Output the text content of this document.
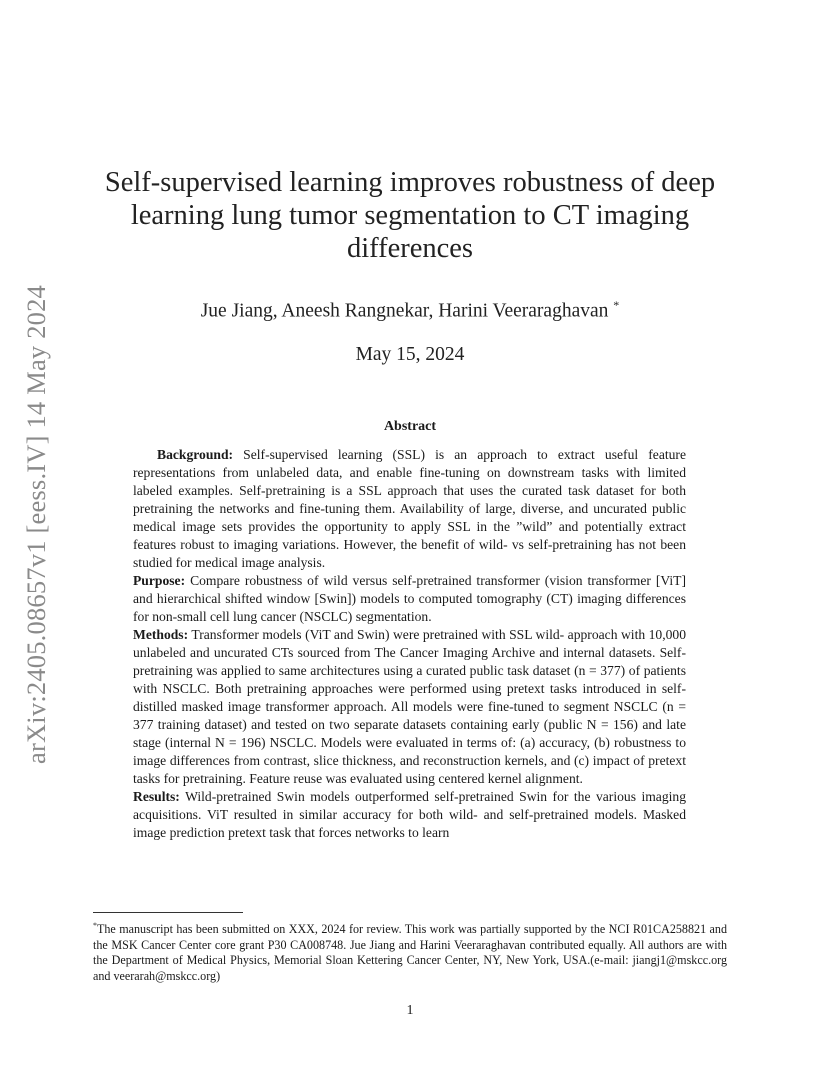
arXiv:2405.08657v1 [eess.IV] 14 May 2024
Self-supervised learning improves robustness of deep learning lung tumor segmentation to CT imaging differences
Jue Jiang, Aneesh Rangnekar, Harini Veeraraghavan *
May 15, 2024
Abstract

Background: Self-supervised learning (SSL) is an approach to extract useful feature representations from unlabeled data, and enable fine-tuning on downstream tasks with limited labeled examples. Self-pretraining is a SSL approach that uses the curated task dataset for both pretraining the networks and fine-tuning them. Availability of large, diverse, and uncurated public medical image sets provides the opportunity to apply SSL in the ”wild” and potentially extract features robust to imaging variations. However, the benefit of wild- vs self-pretraining has not been studied for medical image analysis.

Purpose: Compare robustness of wild versus self-pretrained transformer (vision transformer [ViT] and hierarchical shifted window [Swin]) models to computed tomography (CT) imaging differences for non-small cell lung cancer (NSCLC) segmentation.

Methods: Transformer models (ViT and Swin) were pretrained with SSL wild- approach with 10,000 unlabeled and uncurated CTs sourced from The Cancer Imaging Archive and internal datasets. Self-pretraining was applied to same architectures using a curated public task dataset (n = 377) of patients with NSCLC. Both pretraining approaches were performed using pretext tasks introduced in self-distilled masked image transformer approach. All models were fine-tuned to segment NSCLC (n = 377 training dataset) and tested on two separate datasets containing early (public N = 156) and late stage (internal N = 196) NSCLC. Models were evaluated in terms of: (a) accuracy, (b) robustness to image differences from contrast, slice thickness, and reconstruction kernels, and (c) impact of pretext tasks for pretraining. Feature reuse was evaluated using centered kernel alignment.

Results: Wild-pretrained Swin models outperformed self-pretrained Swin for the various imaging acquisitions. ViT resulted in similar accuracy for both wild- and self-pretrained models. Masked image prediction pretext task that forces networks to learn

*The manuscript has been submitted on XXX, 2024 for review. This work was partially supported by the NCI R01CA258821 and the MSK Cancer Center core grant P30 CA008748. Jue Jiang and Harini Veeraraghavan contributed equally. All authors are with the Department of Medical Physics, Memorial Sloan Kettering Cancer Center, NY, New York, USA.(e-mail: jiangj1@mskcc.org and veerarah@mskcc.org)
1
